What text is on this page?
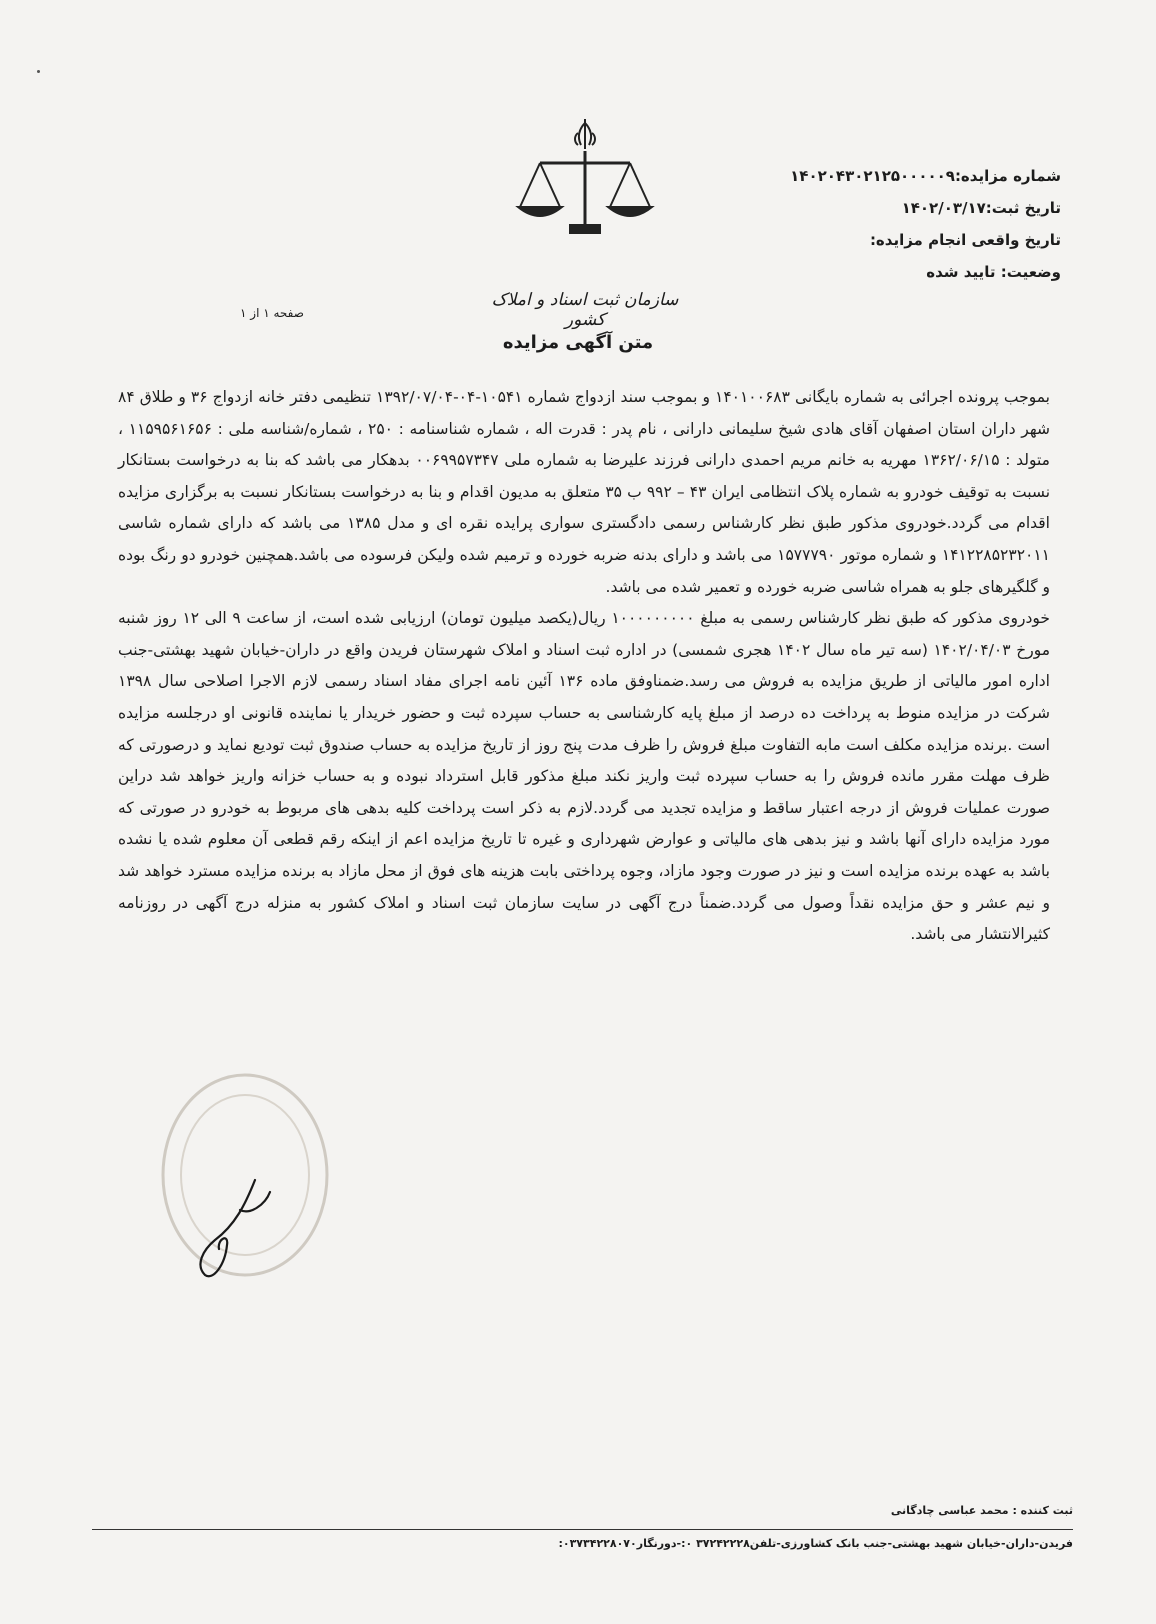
شماره مزایده:۱۴۰۲۰۴۳۰۲۱۲۵۰۰۰۰۰۹
تاریخ ثبت:۱۴۰۲/۰۳/۱۷
تاریخ واقعی انجام مزایده:
وضعیت: تایید شده
سازمان ثبت اسناد و املاک کشور
صفحه ۱ از ۱
متن آگهی مزایده

بموجب پرونده اجرائی به شماره بایگانی ۱۴۰۱۰۰۶۸۳ و بموجب سند ازدواج شماره ۱۰۵۴۱-۰۴-۱۳۹۲/۰۷/۰۴ تنظیمی دفتر خانه ازدواج ۳۶ و طلاق ۸۴ شهر داران استان اصفهان آقای هادی شیخ سلیمانی دارانی ، نام پدر : قدرت اله ، شماره شناسنامه : ۲۵۰ ، شماره/شناسه ملی : ۱۱۵۹۵۶۱۶۵۶ ، متولد : ۱۳۶۲/۰۶/۱۵ مهریه به خانم مریم احمدی دارانی فرزند علیرضا به شماره ملی ۰۰۶۹۹۵۷۳۴۷ بدهکار می باشد که بنا به درخواست بستانکار نسبت به توقیف خودرو به شماره پلاک انتظامی ایران ۴۳ – ۹۹۲ ب ۳۵ متعلق به مدیون اقدام و بنا به درخواست بستانکار نسبت به برگزاری مزایده اقدام می گردد.خودروی مذکور طبق نظر کارشناس رسمی دادگستری سواری پرایده نقره ای و مدل ۱۳۸۵ می باشد که دارای شماره شاسی ۱۴۱۲۲۸۵۲۳۲۰۱۱ و شماره موتور ۱۵۷۷۷۹۰ می باشد و دارای بدنه ضربه خورده و ترمیم شده ولیکن فرسوده می باشد.همچنین خودرو دو رنگ بوده و گلگیرهای جلو به همراه شاسی ضربه خورده و تعمیر شده می باشد.

خودروی مذکور که طبق نظر کارشناس رسمی به مبلغ ۱۰۰۰۰۰۰۰۰۰ ریال(یکصد میلیون تومان) ارزیابی شده است، از ساعت ۹ الی ۱۲ روز شنبه مورخ ۱۴۰۲/۰۴/۰۳ (سه تیر ماه سال ۱۴۰۲ هجری شمسی) در اداره ثبت اسناد و املاک شهرستان فریدن واقع در داران-خیابان شهید بهشتی-جنب اداره امور مالیاتی از طریق مزایده به فروش می رسد.ضمناوفق ماده ۱۳۶ آئین نامه اجرای مفاد اسناد رسمی لازم الاجرا اصلاحی سال ۱۳۹۸ شرکت در مزایده منوط به پرداخت ده درصد از مبلغ پایه کارشناسی به حساب سپرده ثبت و حضور خریدار یا نماینده قانونی او درجلسه مزایده است .برنده مزایده مکلف است مابه التفاوت مبلغ فروش را ظرف مدت پنج روز از تاریخ مزایده به حساب صندوق ثبت تودیع نماید و درصورتی که ظرف مهلت مقرر مانده فروش را به حساب سپرده ثبت واریز نکند مبلغ مذکور قابل استرداد نبوده و به حساب خزانه واریز خواهد شد دراین صورت عملیات فروش از درجه اعتبار ساقط و مزایده تجدید می گردد.لازم به ذکر است پرداخت کلیه بدهی های مربوط به خودرو در صورتی که مورد مزایده دارای آنها باشد و نیز بدهی های مالیاتی و عوارض شهرداری و غیره تا تاریخ مزایده اعم از اینکه رقم قطعی آن معلوم شده یا نشده باشد به عهده برنده مزایده است و نیز در صورت وجود مازاد، وجوه پرداختی بابت هزینه های فوق از محل مازاد به برنده مزایده مسترد خواهد شد و نیم عشر و حق مزایده نقداً وصول می گردد.ضمناً درج آگهی در سایت سازمان ثبت اسناد و املاک کشور به منزله درج آگهی در روزنامه کثیرالانتشار می باشد.

ثبت کننده : محمد عباسی چادگانی
فریدن-داران-خیابان شهید بهشتی-جنب بانک کشاورزی-تلفن۳۷۲۴۲۲۲۸ ۰:-دورنگار۰۳۷۳۴۲۲۸۰۷۰:
